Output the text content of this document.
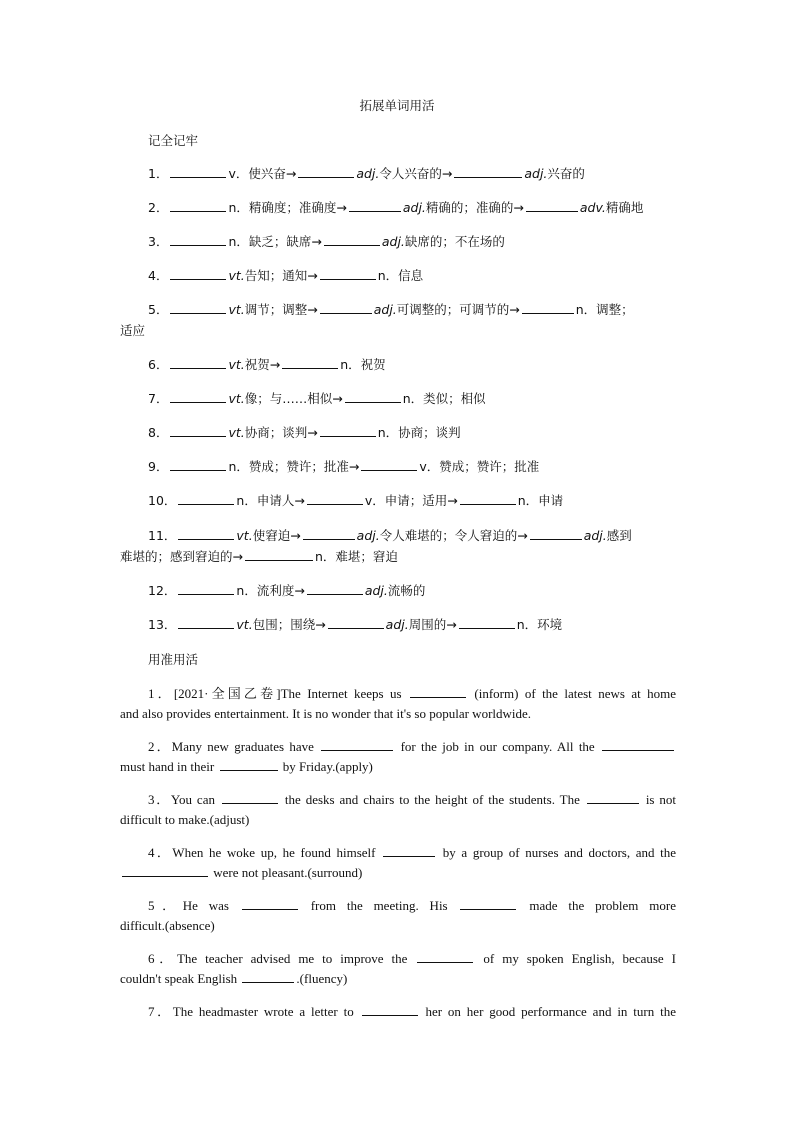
拓展单词用活
记全记牢
1．	v．使兴奋→	adj.令人兴奋的→	adj.兴奋的
2．	n．精确度；准确度→	adj.精确的；准确的→	adv.精确地
3．	n．缺乏；缺席→	adj.缺席的；不在场的
4．	vt.告知；通知→	n．信息
5．	vt.调节；调整→	adj.可调整的；可调节的→	n．调整；
适应
6．	vt.祝贺→	n．祝贺
7．	vt.像；与……相似→	n．类似；相似
8．	vt.协商；谈判→	n．协商；谈判
9．	n．赞成；赞许；批准→	v．赞成；赞许；批准
10．	n．申请人→	v．申请；适用→	n．申请
11．	vt.使窘迫→	adj.令人难堪的；令人窘迫的→	adj.感到
难堪的；感到窘迫的→	n．难堪；窘迫
12．	n．流利度→	adj.流畅的
13．	vt.包围；围绕→	adj.周围的→	n．环境
用准用活
1．[2021·全国乙卷]The Internet keeps us	(inform) of the latest news at home
and also provides entertainment. It is no wonder that it's so popular worldwide.
2．Many new graduates have	for the job in our company. All the
must hand in their	by Friday.(apply)
3．You can	the desks and chairs to the height of the students. The	is not
difficult to make.(adjust)
4．When he woke up, he found himself	by a group of nurses and doctors, and the
were not pleasant.(surround)
5．He was	from the meeting. His	made the problem more
difficult.(absence)
6．The teacher advised me to improve the	of my spoken English, because I
couldn't speak English	.(fluency)
7．The headmaster wrote a letter to	her on her good performance and in turn the
